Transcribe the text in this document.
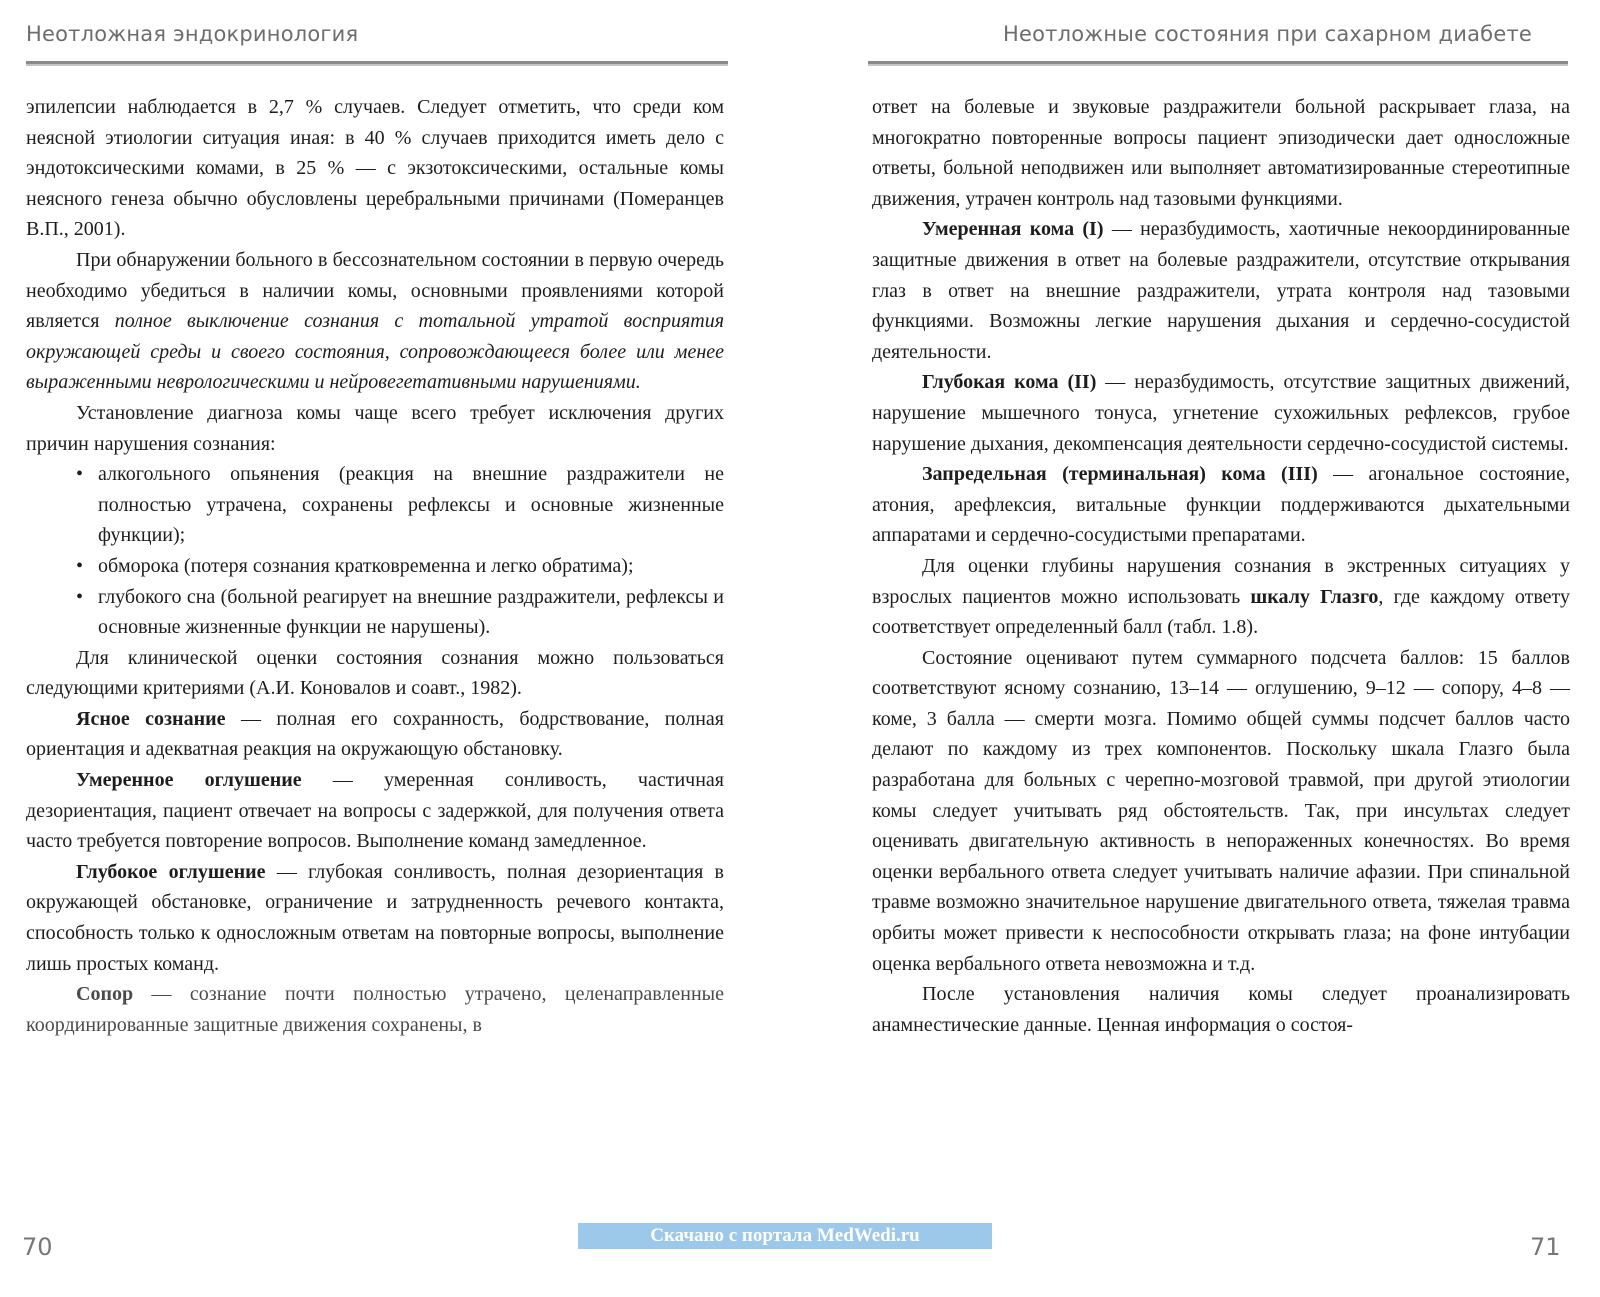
Неотложная эндокринология

эпилепсии наблюдается в 2,7 % случаев. Следует отметить, что среди ком неясной этиологии ситуация иная: в 40 % случаев приходится иметь дело с эндотоксическими комами, в 25 % — с экзотоксическими, остальные комы неясного генеза обычно обусловлены церебральными причинами (Померанцев В.П., 2001).

При обнаружении больного в бессознательном состоянии в первую очередь необходимо убедиться в наличии комы, основными проявлениями которой является полное выключение сознания с тотальной утратой восприятия окружающей среды и своего состояния, сопровождающееся более или менее выраженными неврологическими и нейровегетативными нарушениями.

Установление диагноза комы чаще всего требует исключения других причин нарушения сознания:

• алкогольного опьянения (реакция на внешние раздражители не полностью утрачена, сохранены рефлексы и основные жизненные функции);
• обморока (потеря сознания кратковременна и легко обратима);
• глубокого сна (больной реагирует на внешние раздражители, рефлексы и основные жизненные функции не нарушены).

Для клинической оценки состояния сознания можно пользоваться следующими критериями (А.И. Коновалов и соавт., 1982).

Ясное сознание — полная его сохранность, бодрствование, полная ориентация и адекватная реакция на окружающую обстановку.

Умеренное оглушение — умеренная сонливость, частичная дезориентация, пациент отвечает на вопросы с задержкой, для получения ответа часто требуется повторение вопросов. Выполнение команд замедленное.

Глубокое оглушение — глубокая сонливость, полная дезориентация в окружающей обстановке, ограничение и затрудненность речевого контакта, способность только к односложным ответам на повторные вопросы, выполнение лишь простых команд.

Сопор — сознание почти полностью утрачено, целенаправленные координированные защитные движения сохранены, в

70
Неотложные состояния при сахарном диабете

ответ на болевые и звуковые раздражители больной раскрывает глаза, на многократно повторенные вопросы пациент эпизодически дает односложные ответы, больной неподвижен или выполняет автоматизированные стереотипные движения, утрачен контроль над тазовыми функциями.

Умеренная кома (I) — неразбудимость, хаотичные некоординированные защитные движения в ответ на болевые раздражители, отсутствие открывания глаз в ответ на внешние раздражители, утрата контроля над тазовыми функциями. Возможны легкие нарушения дыхания и сердечно-сосудистой деятельности.

Глубокая кома (II) — неразбудимость, отсутствие защитных движений, нарушение мышечного тонуса, угнетение сухожильных рефлексов, грубое нарушение дыхания, декомпенсация деятельности сердечно-сосудистой системы.

Запредельная (терминальная) кома (III) — агональное состояние, атония, арефлексия, витальные функции поддерживаются дыхательными аппаратами и сердечно-сосудистыми препаратами.

Для оценки глубины нарушения сознания в экстренных ситуациях у взрослых пациентов можно использовать шкалу Глазго, где каждому ответу соответствует определенный балл (табл. 1.8).

Состояние оценивают путем суммарного подсчета баллов: 15 баллов соответствуют ясному сознанию, 13–14 — оглушению, 9–12 — сопору, 4–8 — коме, 3 балла — смерти мозга. Помимо общей суммы подсчет баллов часто делают по каждому из трех компонентов. Поскольку шкала Глазго была разработана для больных с черепно-мозговой травмой, при другой этиологии комы следует учитывать ряд обстоятельств. Так, при инсультах следует оценивать двигательную активность в непораженных конечностях. Во время оценки вербального ответа следует учитывать наличие афазии. При спинальной травме возможно значительное нарушение двигательного ответа, тяжелая травма орбиты может привести к неспособности открывать глаза; на фоне интубации оценка вербального ответа невозможна и т.д.

После установления наличия комы следует проанализировать анамнестические данные. Ценная информация о состоя-

71
Скачано с портала MedWedi.ru
